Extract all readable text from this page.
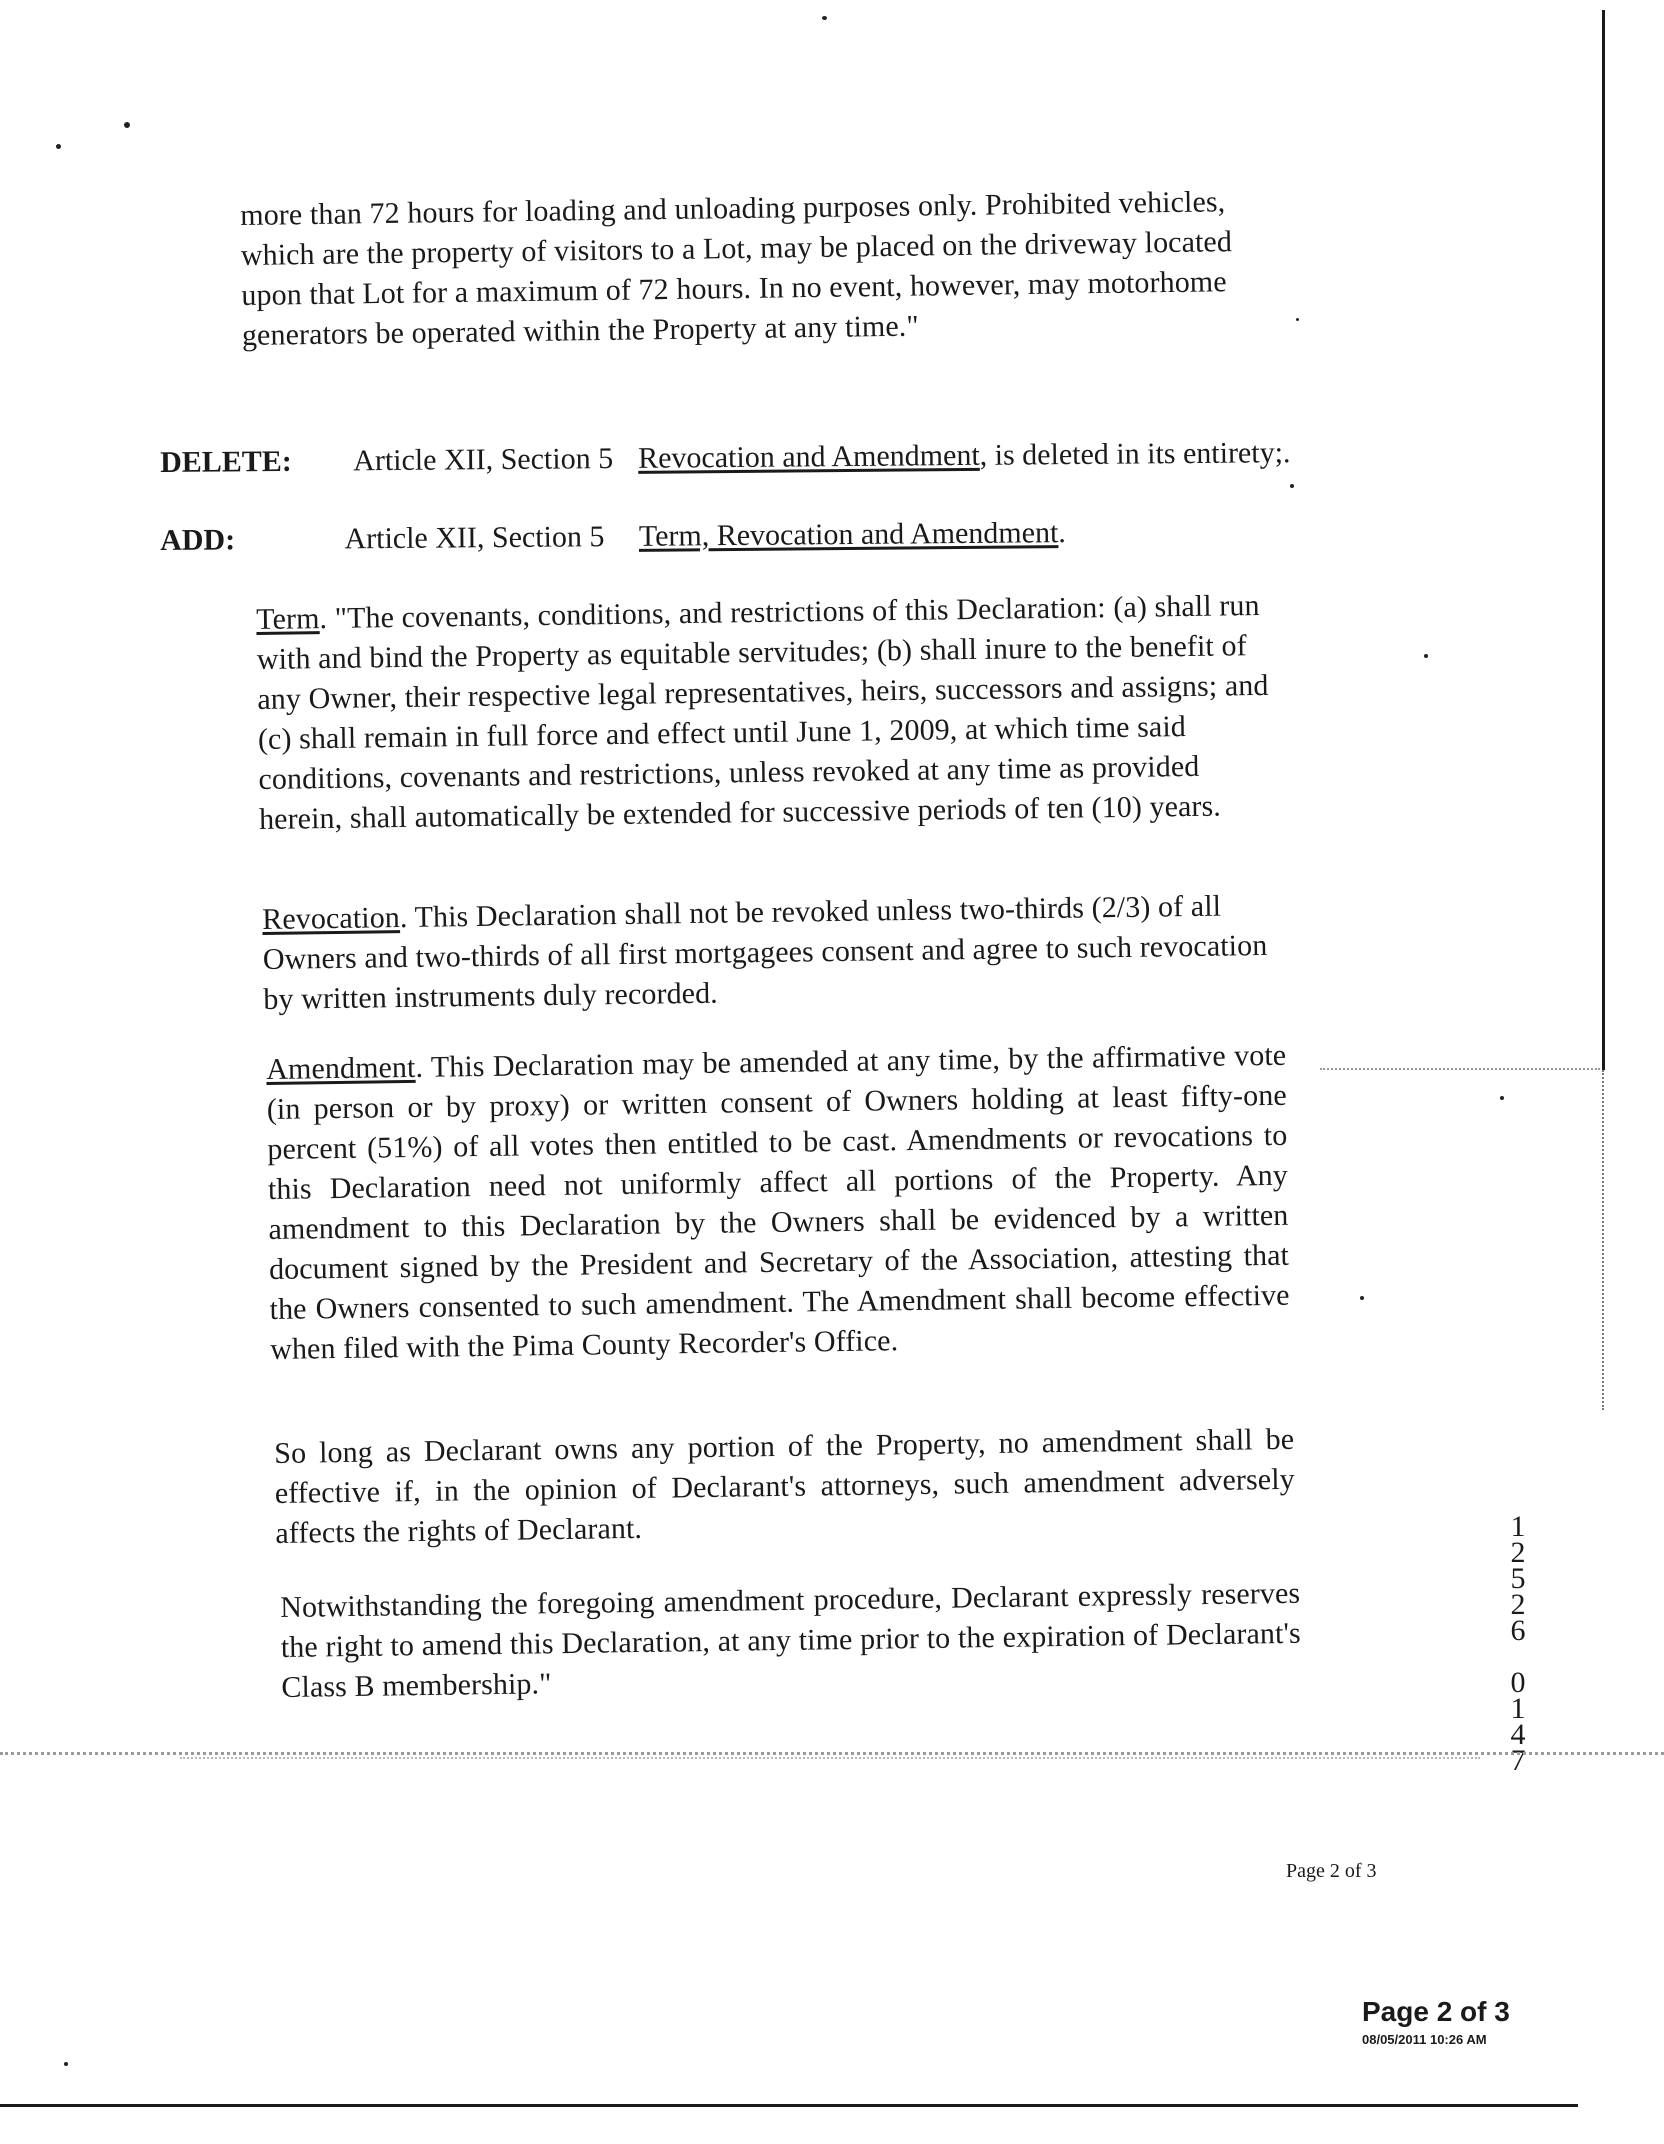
more than 72 hours for loading and unloading purposes only. Prohibited vehicles, which are the property of visitors to a Lot, may be placed on the driveway located upon that Lot for a maximum of 72 hours. In no event, however, may motorhome generators be operated within the Property at any time."
DELETE: Article XII, Section 5 Revocation and Amendment, is deleted in its entirety;.
ADD:	Article XII, Section 5 Term, Revocation and Amendment.
Term. "The covenants, conditions, and restrictions of this Declaration: (a) shall run with and bind the Property as equitable servitudes; (b) shall inure to the benefit of any Owner, their respective legal representatives, heirs, successors and assigns; and (c) shall remain in full force and effect until June 1, 2009, at which time said conditions, covenants and restrictions, unless revoked at any time as provided herein, shall automatically be extended for successive periods of ten (10) years.
Revocation. This Declaration shall not be revoked unless two-thirds (2/3) of all Owners and two-thirds of all first mortgagees consent and agree to such revocation by written instruments duly recorded.
Amendment. This Declaration may be amended at any time, by the affirmative vote (in person or by proxy) or written consent of Owners holding at least fifty-one percent (51%) of all votes then entitled to be cast. Amendments or revocations to this Declaration need not uniformly affect all portions of the Property. Any amendment to this Declaration by the Owners shall be evidenced by a written document signed by the President and Secretary of the Association, attesting that the Owners consented to such amendment. The Amendment shall become effective when filed with the Pima County Recorder's Office.
So long as Declarant owns any portion of the Property, no amendment shall be effective if, in the opinion of Declarant's attorneys, such amendment adversely affects the rights of Declarant.
Notwithstanding the foregoing amendment procedure, Declarant expressly reserves the right to amend this Declaration, at any time prior to the expiration of Declarant's Class B membership."
1
2
5
2
6
0
1
4
7
Page 2 of 3
Page 2 of 3
08/05/2011 10:26 AM
